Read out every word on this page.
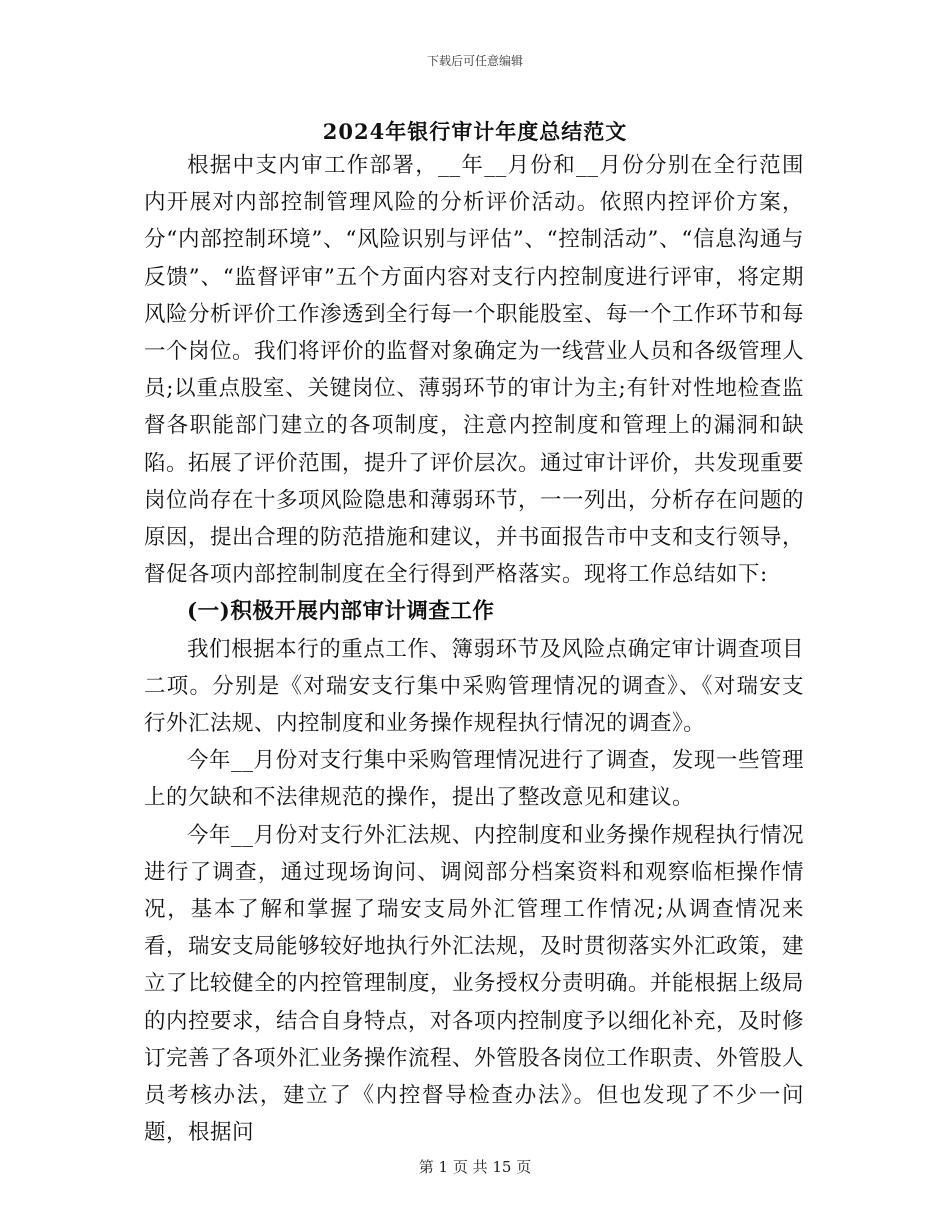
下载后可任意编辑
2024年银行审计年度总结范文

根据中支内审工作部署，__年__月份和__月份分别在全行范围内开展对内部控制管理风险的分析评价活动。依照内控评价方案，分“内部控制环境”、“风险识别与评估”、“控制活动”、“信息沟通与反馈”、“监督评审”五个方面内容对支行内控制度进行评审，将定期风险分析评价工作渗透到全行每一个职能股室、每一个工作环节和每一个岗位。我们将评价的监督对象确定为一线营业人员和各级管理人员;以重点股室、关键岗位、薄弱环节的审计为主;有针对性地检查监督各职能部门建立的各项制度，注意内控制度和管理上的漏洞和缺陷。拓展了评价范围，提升了评价层次。通过审计评价，共发现重要岗位尚存在十多项风险隐患和薄弱环节，一一列出，分析存在问题的原因，提出合理的防范措施和建议，并书面报告市中支和支行领导，督促各项内部控制制度在全行得到严格落实。现将工作总结如下:

(一)积极开展内部审计调查工作

我们根据本行的重点工作、簿弱环节及风险点确定审计调查项目二项。分别是《对瑞安支行集中采购管理情况的调查》、《对瑞安支行外汇法规、内控制度和业务操作规程执行情况的调查》。

今年__月份对支行集中采购管理情况进行了调查，发现一些管理上的欠缺和不法律规范的操作，提出了整改意见和建议。

今年__月份对支行外汇法规、内控制度和业务操作规程执行情况进行了调查，通过现场询问、调阅部分档案资料和观察临柜操作情况，基本了解和掌握了瑞安支局外汇管理工作情况;从调查情况来看，瑞安支局能够较好地执行外汇法规，及时贯彻落实外汇政策，建立了比较健全的内控管理制度，业务授权分责明确。并能根据上级局的内控要求，结合自身特点，对各项内控制度予以细化补充，及时修订完善了各项外汇业务操作流程、外管股各岗位工作职责、外管股人员考核办法，建立了《内控督导检查办法》。但也发现了不少一问题，根据问

第 1 页 共 15 页
